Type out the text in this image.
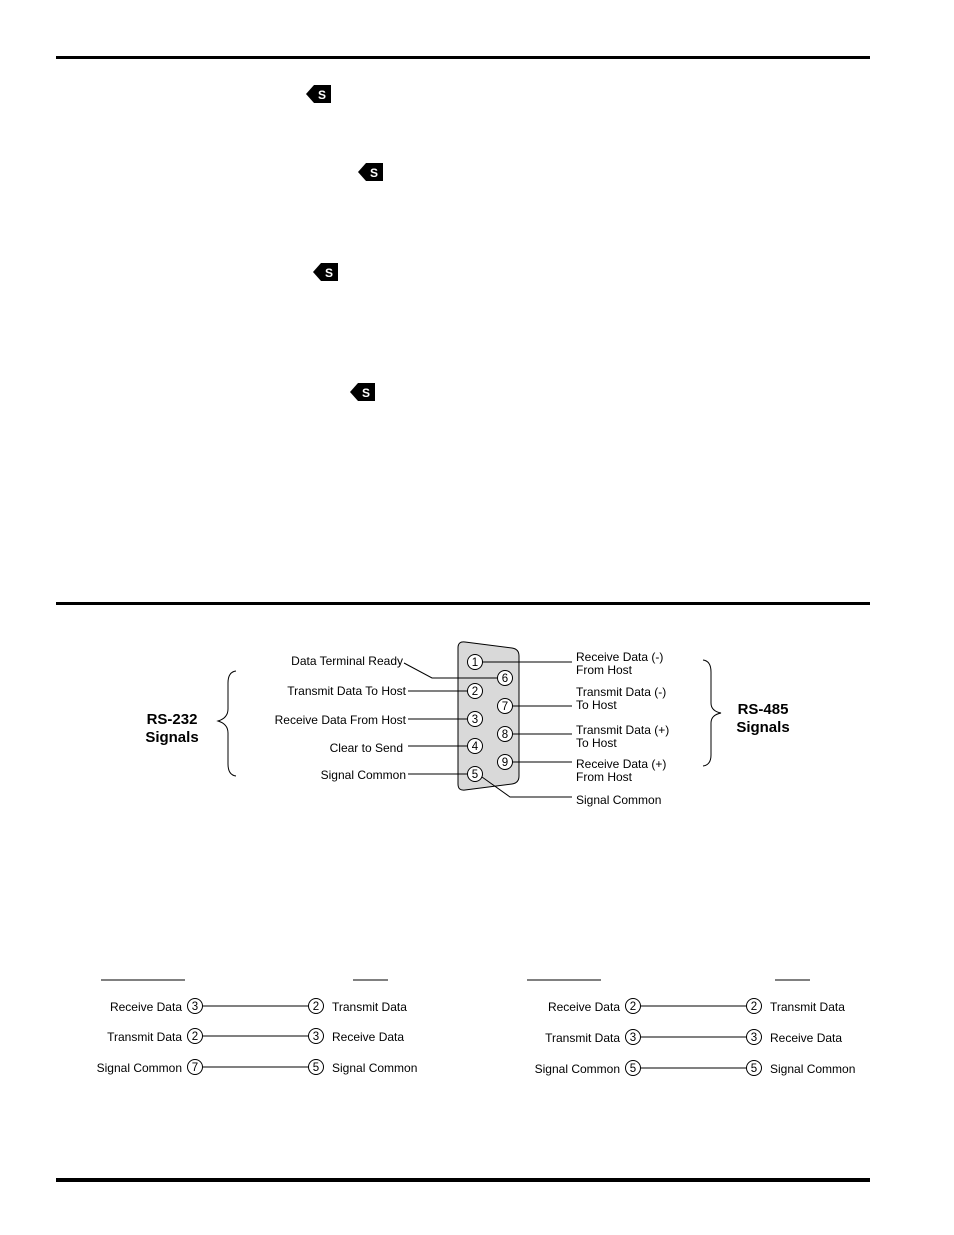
S
S
S
S
RS-232
Signals
RS-485
Signals
Data Terminal Ready
Transmit Data To Host
Receive Data From Host
Clear to Send
Signal Common
1
2
3
4
5
6
7
8
9
Receive Data (-)
From Host
Transmit Data (-)
To Host
Transmit Data (+)
To Host
Receive Data (+)
From Host
Signal Common
Receive Data 3	2 Transmit Data
Transmit Data 2	3 Receive Data
Signal Common 7	5 Signal Common
Receive Data 2	2 Transmit Data
Transmit Data 3	3 Receive Data
Signal Common 5	5 Signal Common
